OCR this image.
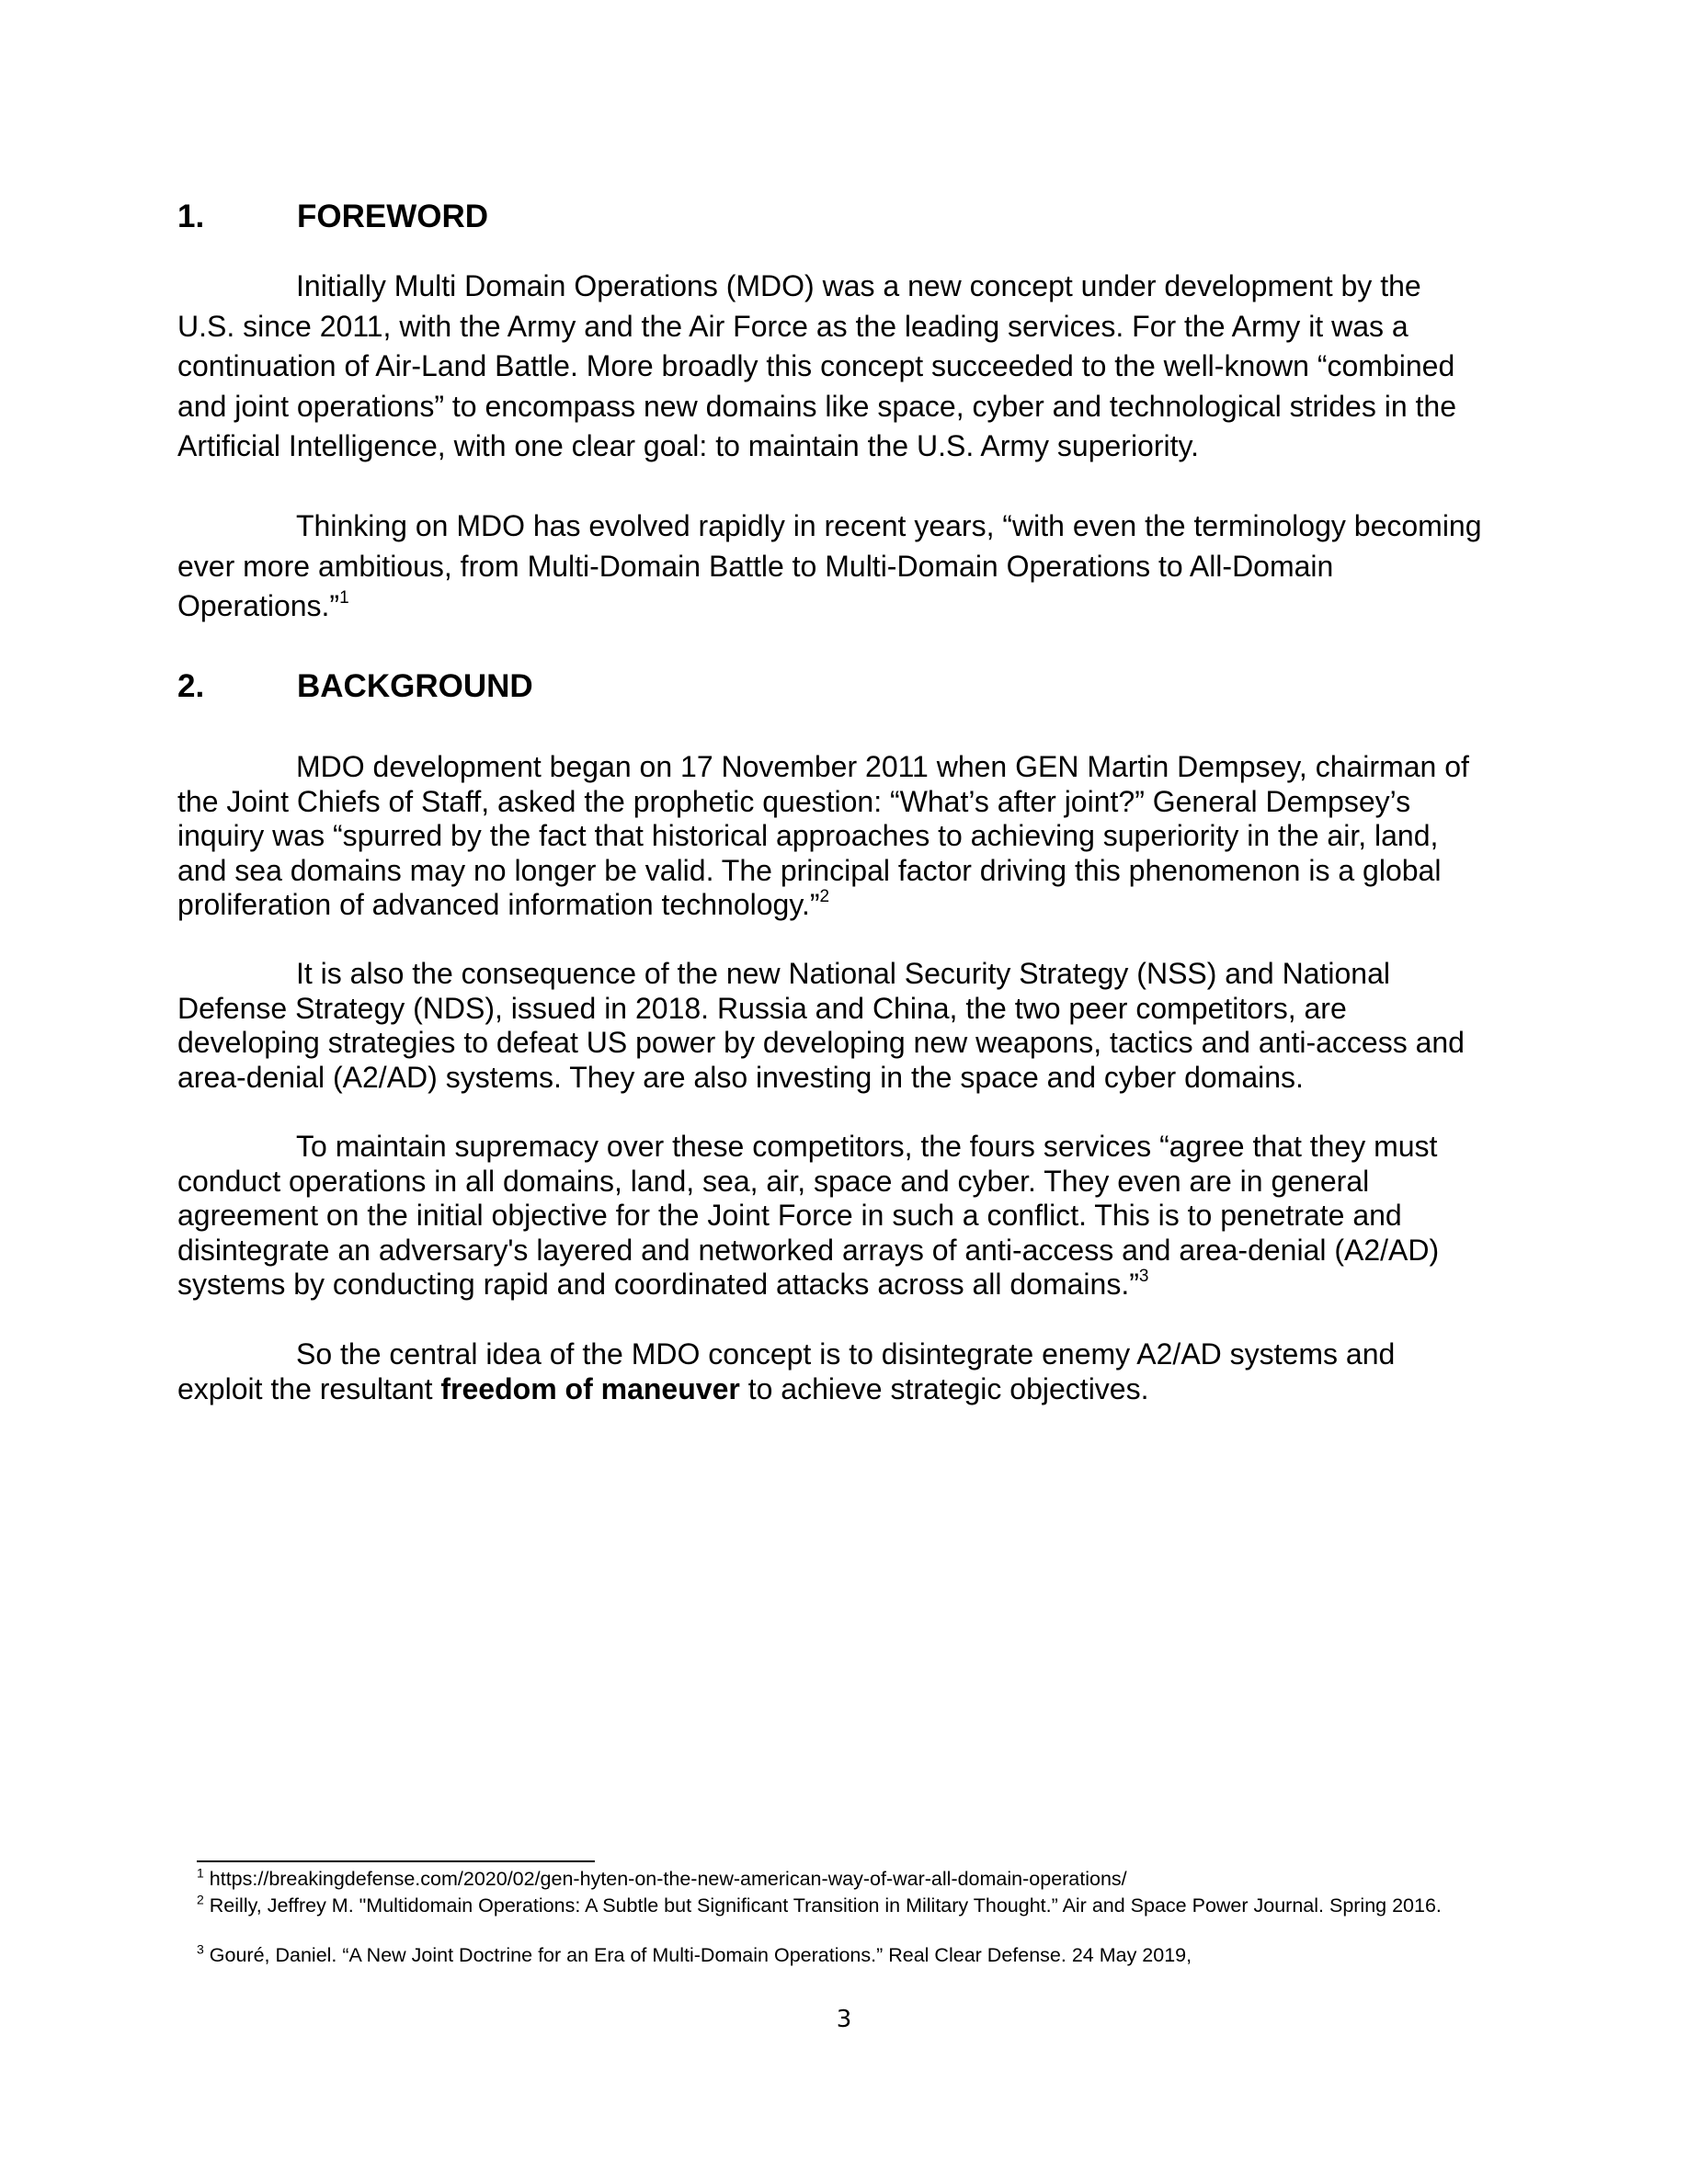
1.	FOREWORD
Initially Multi Domain Operations (MDO) was a new concept under development by the U.S. since 2011, with the Army and the Air Force as the leading services. For the Army it was a continuation of Air-Land Battle. More broadly this concept succeeded to the well-known “combined and joint operations” to encompass new domains like space, cyber and technological strides in the Artificial Intelligence, with one clear goal: to maintain the U.S. Army superiority.
Thinking on MDO has evolved rapidly in recent years, “with even the terminology becoming ever more ambitious, from Multi-Domain Battle to Multi-Domain Operations to All-Domain Operations.”$^1$
2.	BACKGROUND
MDO development began on 17 November 2011 when GEN Martin Dempsey, chairman of the Joint Chiefs of Staff, asked the prophetic question: “What’s after joint?” General Dempsey’s inquiry was “spurred by the fact that historical approaches to achieving superiority in the air, land, and sea domains may no longer be valid. The principal factor driving this phenomenon is a global proliferation of advanced information technology.”$^2$
It is also the consequence of the new National Security Strategy (NSS) and National Defense Strategy (NDS), issued in 2018. Russia and China, the two peer competitors, are developing strategies to defeat US power by developing new weapons, tactics and anti-access and area-denial (A2/AD) systems. They are also investing in the space and cyber domains.
To maintain supremacy over these competitors, the fours services “agree that they must conduct operations in all domains, land, sea, air, space and cyber. They even are in general agreement on the initial objective for the Joint Force in such a conflict. This is to penetrate and disintegrate an adversary's layered and networked arrays of anti-access and area-denial (A2/AD) systems by conducting rapid and coordinated attacks across all domains.”$^3$
So the central idea of the MDO concept is to disintegrate enemy A2/AD systems and exploit the resultant freedom of maneuver to achieve strategic objectives.
$^1$ https://breakingdefense.com/2020/02/gen-hyten-on-the-new-american-way-of-war-all-domain-operations/
$^2$ Reilly, Jeffrey M. "Multidomain Operations: A Subtle but Significant Transition in Military Thought.” Air and Space Power Journal. Spring 2016.
$^3$ Gouré, Daniel. “A New Joint Doctrine for an Era of Multi-Domain Operations.” Real Clear Defense. 24 May 2019,
3
